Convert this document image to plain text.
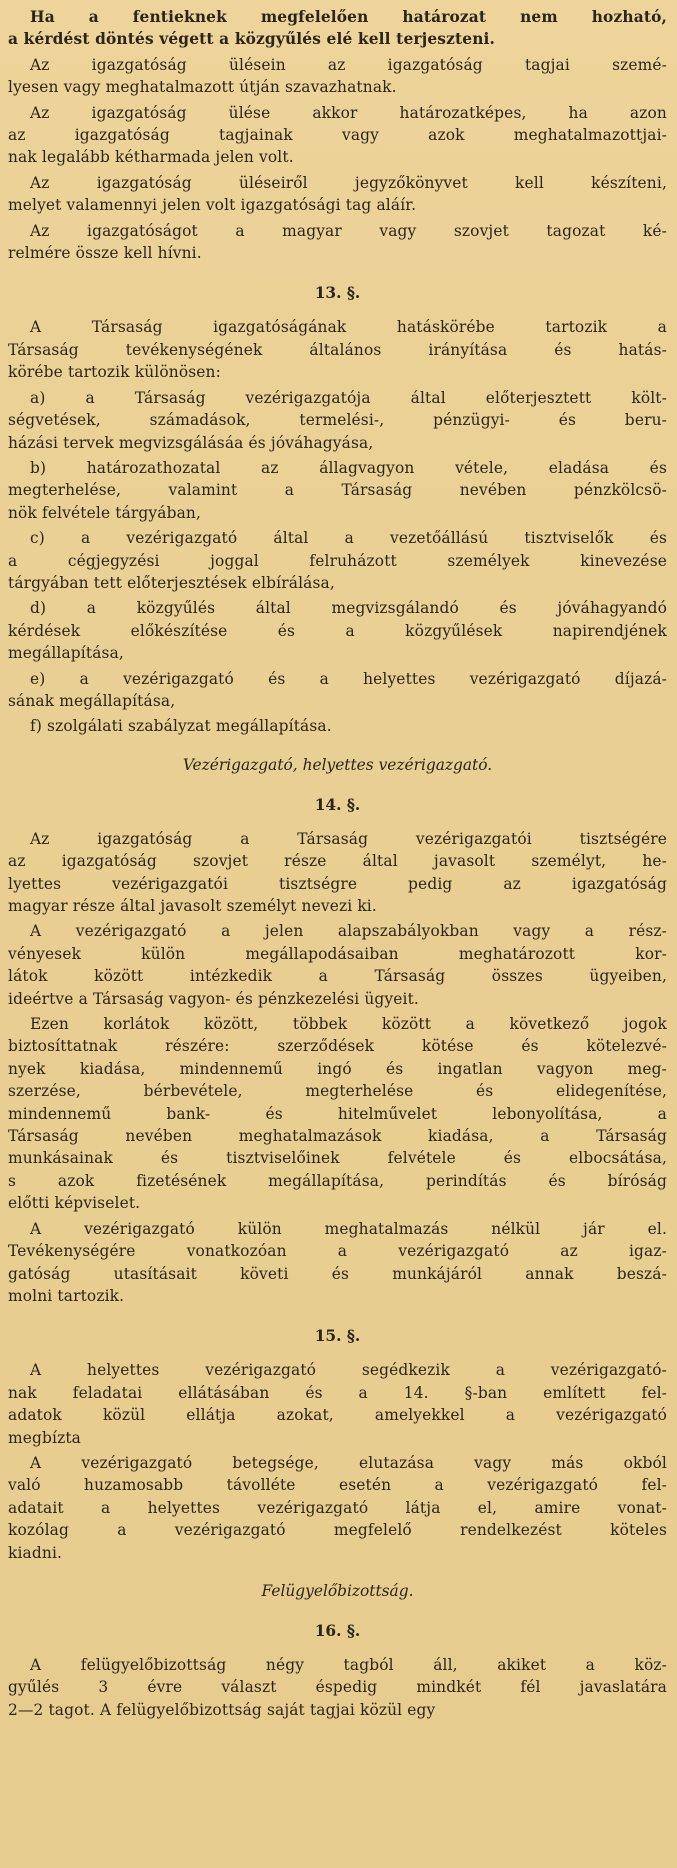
Ha a fentieknek megfelelően határozat nem hozható,
a kérdést döntés végett a közgyűlés elé kell terjeszteni.
Az igazgatóság ülésein az igazgatóság tagjai szemé-
lyesen vagy meghatalmazott útján szavazhatnak.
Az igazgatóság ülése akkor határozatképes, ha azon
az igazgatóság tagjainak vagy azok meghatalmazottjai-
nak legalább kétharmada jelen volt.
Az igazgatóság üléseiről jegyzőkönyvet kell készíteni,
melyet valamennyi jelen volt igazgatósági tag aláír.
Az igazgatóságot a magyar vagy szovjet tagozat ké-
relmére össze kell hívni.
13. §.
A Társaság igazgatóságának hatáskörébe tartozik a
Társaság tevékenységének általános irányítása és hatás-
körébe tartozik különösen:
a) a Társaság vezérigazgatója által előterjesztett költ-
ségvetések, számadások, termelési-, pénzügyi- és beru-
házási tervek megvizsgálásáa és jóváhagyása,
b) határozathozatal az állagvagyon vétele, eladása és
megterhelése, valamint a Társaság nevében pénzkölcsö-
nök felvétele tárgyában,
c) a vezérigazgató által a vezetőállású tisztviselők és
a cégjegyzési joggal felruházott személyek kinevezése
tárgyában tett előterjesztések elbírálása,
d) a közgyűlés által megvizsgálandó és jóváhagyandó
kérdések előkészítése és a közgyűlések napirendjének
megállapítása,
e) a vezérigazgató és a helyettes vezérigazgató díjazá-
sának megállapítása,
f) szolgálati szabályzat megállapítása.
Vezérigazgató, helyettes vezérigazgató.
14. §.
Az igazgatóság a Társaság vezérigazgatói tisztségére
az igazgatóság szovjet része által javasolt személyt, he-
lyettes vezérigazgatói tisztségre pedig az igazgatóság
magyar része által javasolt személyt nevezi ki.
A vezérigazgató a jelen alapszabályokban vagy a rész-
vényesek külön megállapodásaiban meghatározott kor-
látok között intézkedik a Társaság összes ügyeiben,
ideértve a Társaság vagyon- és pénzkezelési ügyeit.
Ezen korlátok között, többek között a következő jogok
biztosíttatnak részére: szerződések kötése és kötelezvé-
nyek kiadása, mindennemű ingó és ingatlan vagyon meg-
szerzése, bérbevétele, megterhelése és elidegenítése,
mindennemű bank- és hitelművelet lebonyolítása, a
Társaság nevében meghatalmazások kiadása, a Társaság
munkásainak és tisztviselőinek felvétele és elbocsátása,
s azok fizetésének megállapítása, perindítás és bíróság
előtti képviselet.
A vezérigazgató külön meghatalmazás nélkül jár el.
Tevékenységére vonatkozóan a vezérigazgató az igaz-
gatóság utasításait követi és munkájáról annak beszá-
molni tartozik.
15. §.
A helyettes vezérigazgató segédkezik a vezérigazgató-
nak feladatai ellátásában és a 14. §-ban említett fel-
adatok közül ellátja azokat, amelyekkel a vezérigazgató
megbízta
A vezérigazgató betegsége, elutazása vagy más okból
való huzamosabb távolléte esetén a vezérigazgató fel-
adatait a helyettes vezérigazgató látja el, amire vonat-
kozólag a vezérigazgató megfelelő rendelkezést köteles
kiadni.
Felügyelőbizottság.
16. §.
A felügyelőbizottság négy tagból áll, akiket a köz-
gyűlés 3 évre választ éspedig mindkét fél javaslatára
2—2 tagot. A felügyelőbizottság saját tagjai közül egy
